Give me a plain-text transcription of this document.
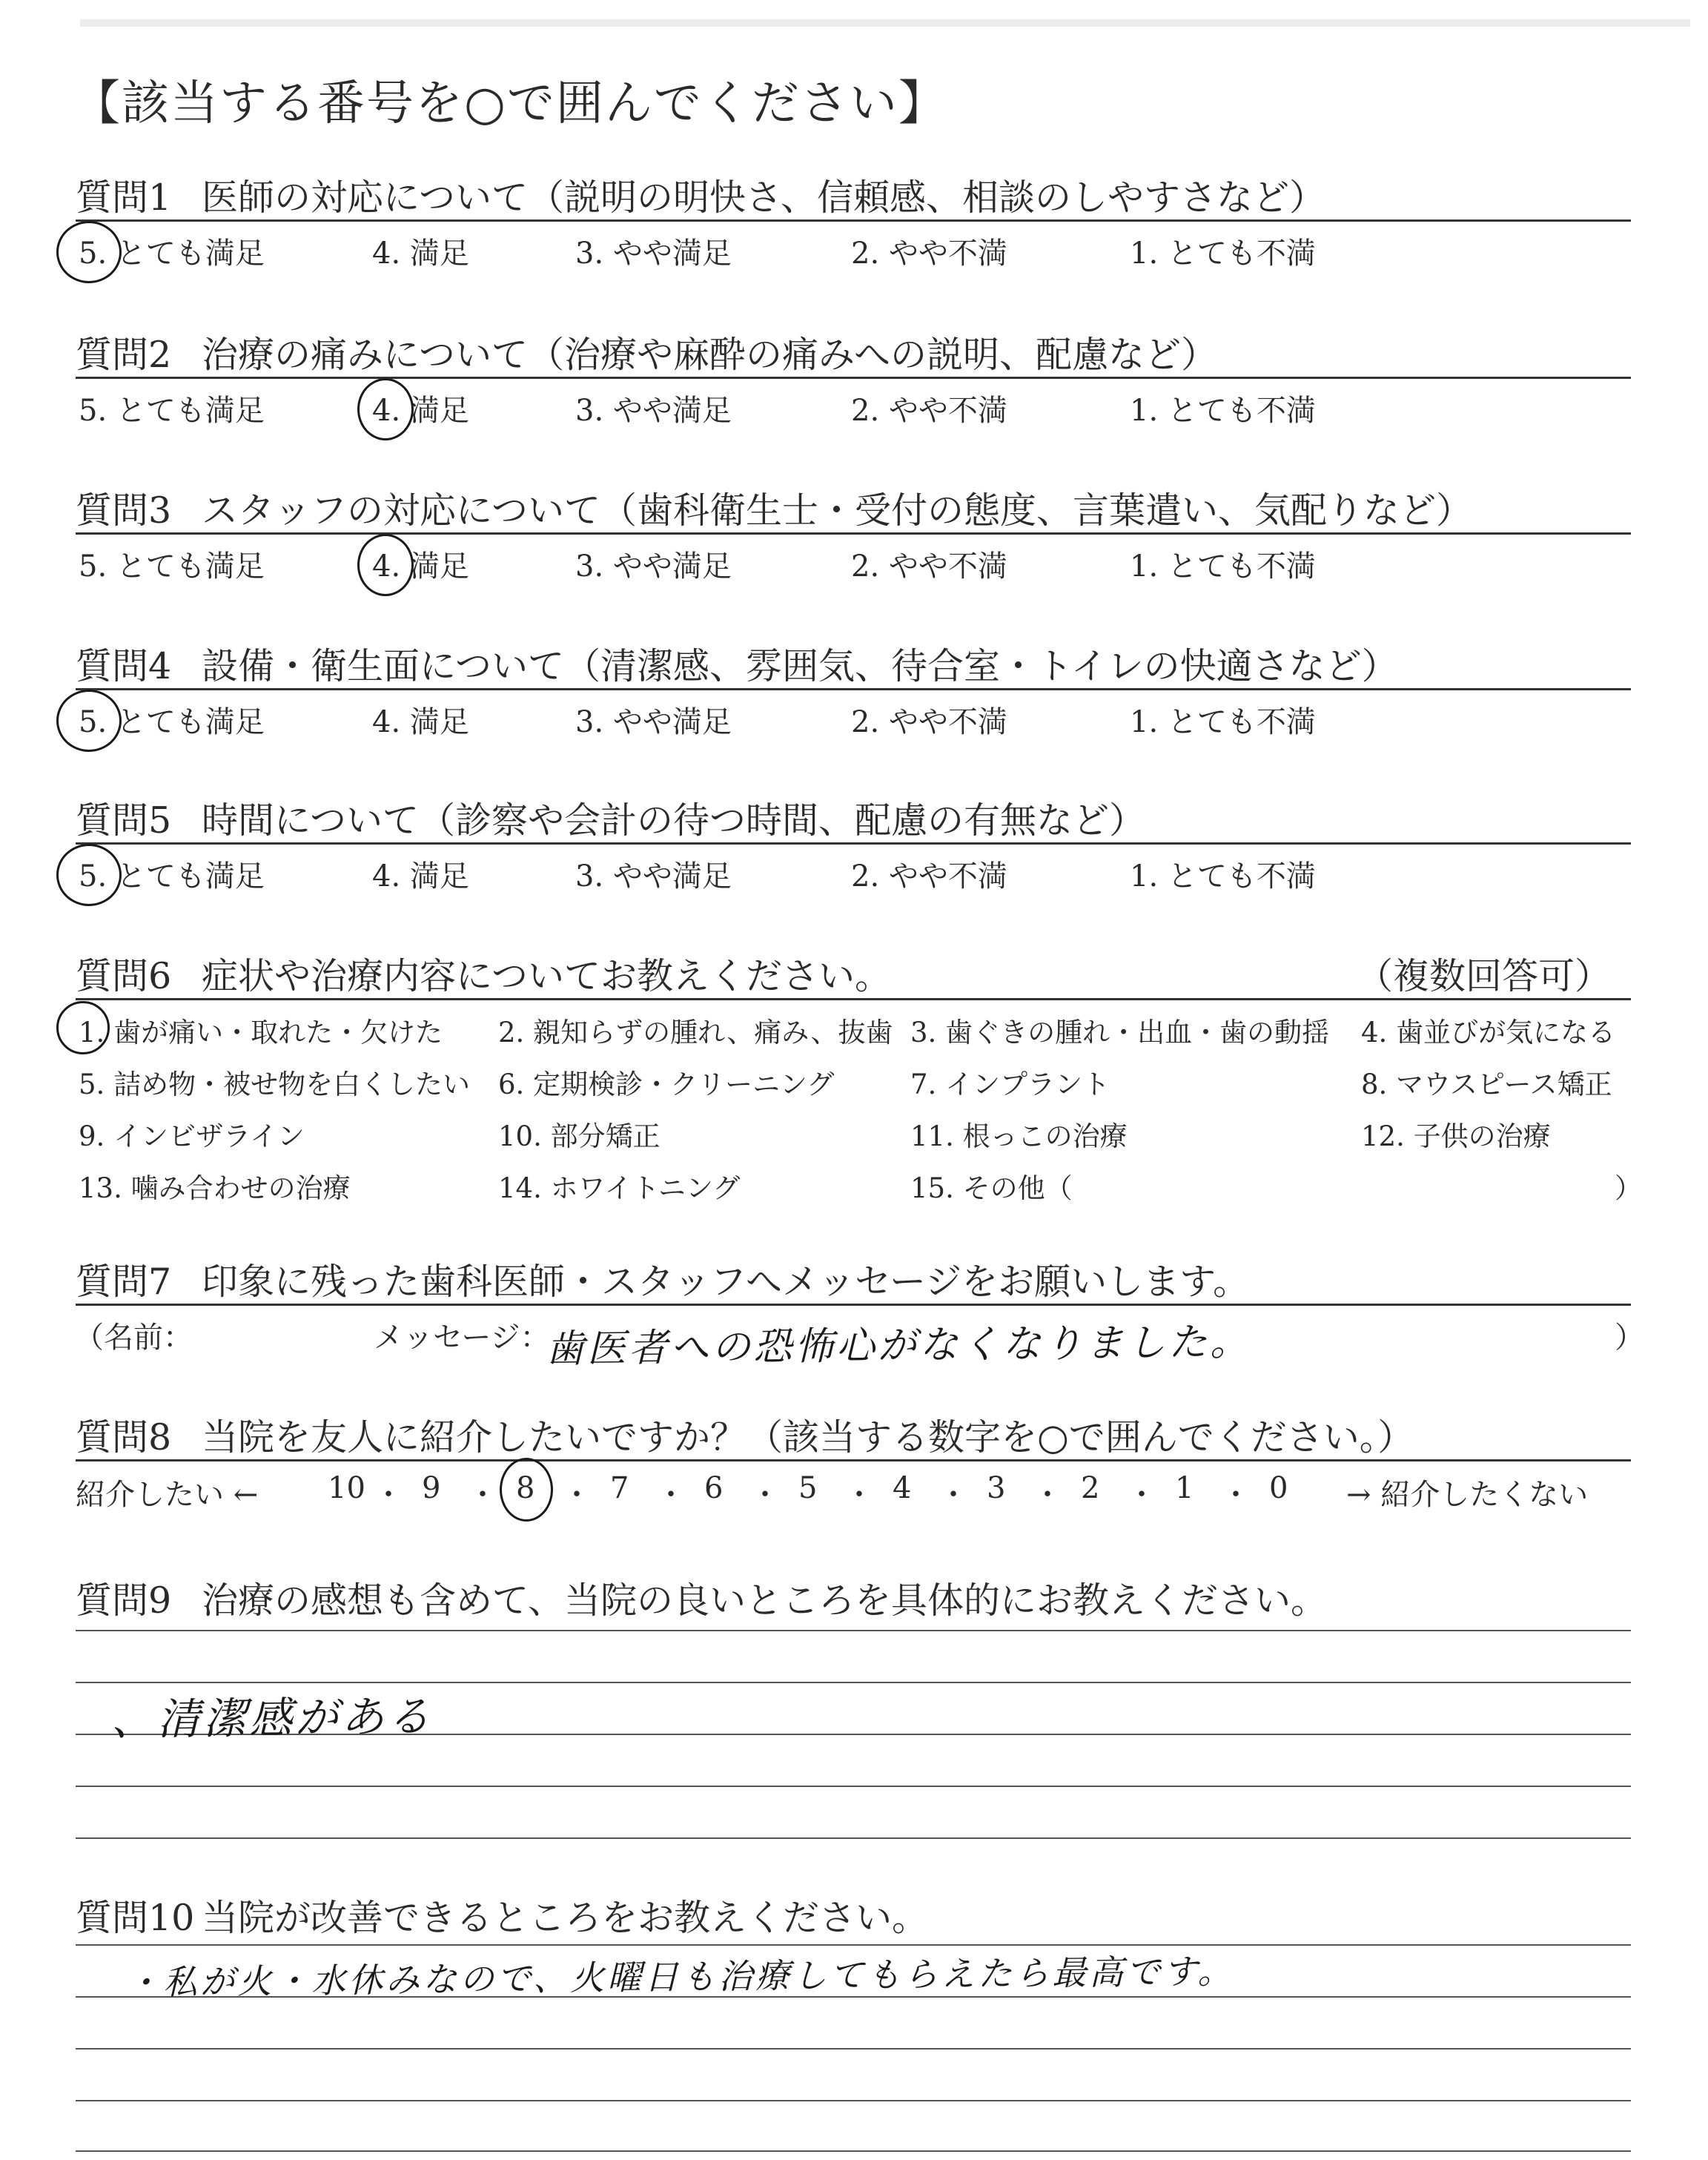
【該当する番号を○で囲んでください】
質問1 医師の対応について（説明の明快さ、信頼感、相談のしやすさなど）
5. とても満足	4. 満足	3. やや満足	2. やや不満	1. とても不満
質問2 治療の痛みについて（治療や麻酔の痛みへの説明、配慮など）
5. とても満足	4. 満足	3. やや満足	2. やや不満	1. とても不満
質問3 スタッフの対応について（歯科衛生士・受付の態度、言葉遣い、気配りなど）
5. とても満足	4. 満足	3. やや満足	2. やや不満	1. とても不満
質問4 設備・衛生面について（清潔感、雰囲気、待合室・トイレの快適さなど）
5. とても満足	4. 満足	3. やや満足	2. やや不満	1. とても不満
質問5 時間について（診察や会計の待つ時間、配慮の有無など）
5. とても満足	4. 満足	3. やや満足	2. やや不満	1. とても不満
質問6 症状や治療内容についてお教えください。	（複数回答可）
1. 歯が痛い・取れた・欠けた 2. 親知らずの腫れ、痛み、抜歯 3. 歯ぐきの腫れ・出血・歯の動揺 4. 歯並びが気になる
5. 詰め物・被せ物を白くしたい 6. 定期検診・クリーニング	7. インプラント	8. マウスピース矯正
9. インビザライン	10. 部分矯正	11. 根っこの治療	12. 子供の治療
13. 噛み合わせの治療	14. ホワイトニング	15. その他（	）
質問7 印象に残った歯科医師・スタッフへメッセージをお願いします。
（名前：	メッセージ：	）
歯医者への恐怖心がなくなりました。
質問8 当院を友人に紹介したいですか？（該当する数字を○で囲んでください。）
紹介したい ←	→ 紹介したくない
10 ・ 9 ・ 8 ・ 7 ・ 6 ・ 5 ・ 4 ・ 3 ・ 2 ・ 1 ・ 0
質問9 治療の感想も含めて、当院の良いところを具体的にお教えください。
、清潔感がある
質問10 当院が改善できるところをお教えください。
・私が火・水休みなので、火曜日も治療してもらえたら最高です。
